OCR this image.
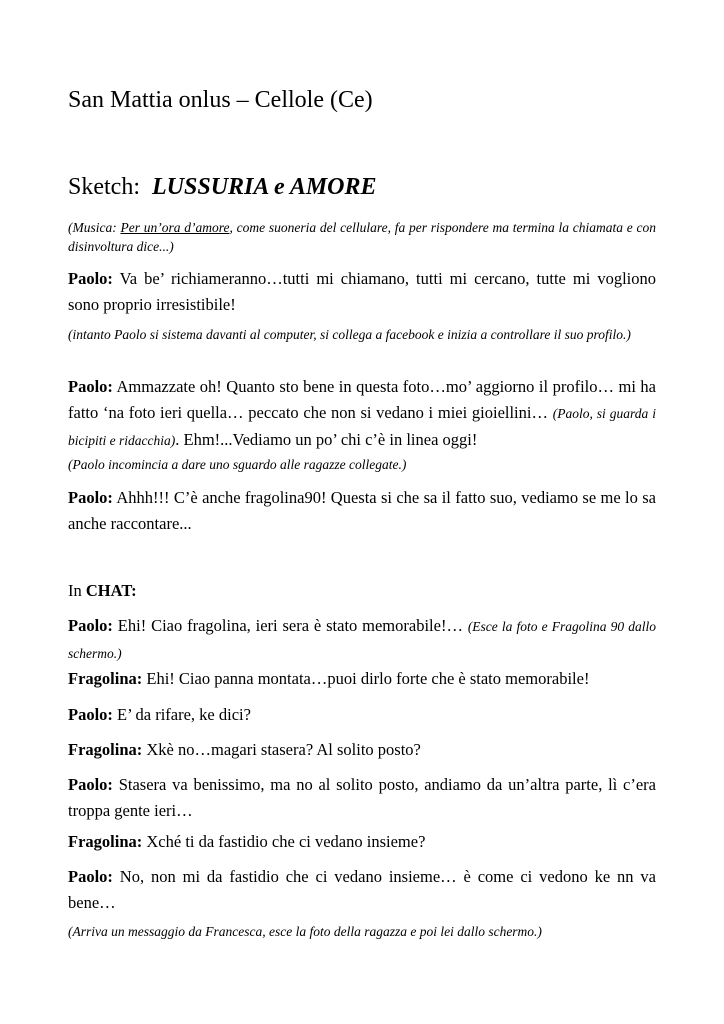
San Mattia onlus – Cellole (Ce)
Sketch: LUSSURIA e AMORE
(Musica: Per un’ora d’amore, come suoneria del cellulare, fa per rispondere ma termina la chiamata e con disinvoltura dice...)
Paolo: Va be’ richiameranno…tutti mi chiamano, tutti mi cercano, tutte mi vogliono sono proprio irresistibile!
(intanto Paolo si sistema davanti al computer, si collega a facebook e inizia a controllare il suo profilo.)
Paolo: Ammazzate oh! Quanto sto bene in questa foto…mo’ aggiorno il profilo… mi ha fatto ‘na foto ieri quella… peccato che non si vedano i miei gioiellini… (Paolo, si guarda i bicipiti e ridacchia). Ehm!...Vediamo un po’ chi c’è in linea oggi!
(Paolo incomincia a dare uno sguardo alle ragazze collegate.)
Paolo: Ahhh!!! C’è anche fragolina90! Questa si che sa il fatto suo, vediamo se me lo sa anche raccontare...
In CHAT:
Paolo: Ehi! Ciao fragolina, ieri sera è stato memorabile!… (Esce la foto e Fragolina 90 dallo schermo.)
Fragolina: Ehi! Ciao panna montata…puoi dirlo forte che è stato memorabile!
Paolo: E’ da rifare, ke dici?
Fragolina: Xkè no…magari stasera? Al solito posto?
Paolo: Stasera va benissimo, ma no al solito posto, andiamo da un’altra parte, lì c’era troppa gente ieri…
Fragolina: Xché ti da fastidio che ci vedano insieme?
Paolo: No, non mi da fastidio che ci vedano insieme… è come ci vedono ke nn va bene…
(Arriva un messaggio da Francesca, esce la foto della ragazza e poi lei dallo schermo.)
